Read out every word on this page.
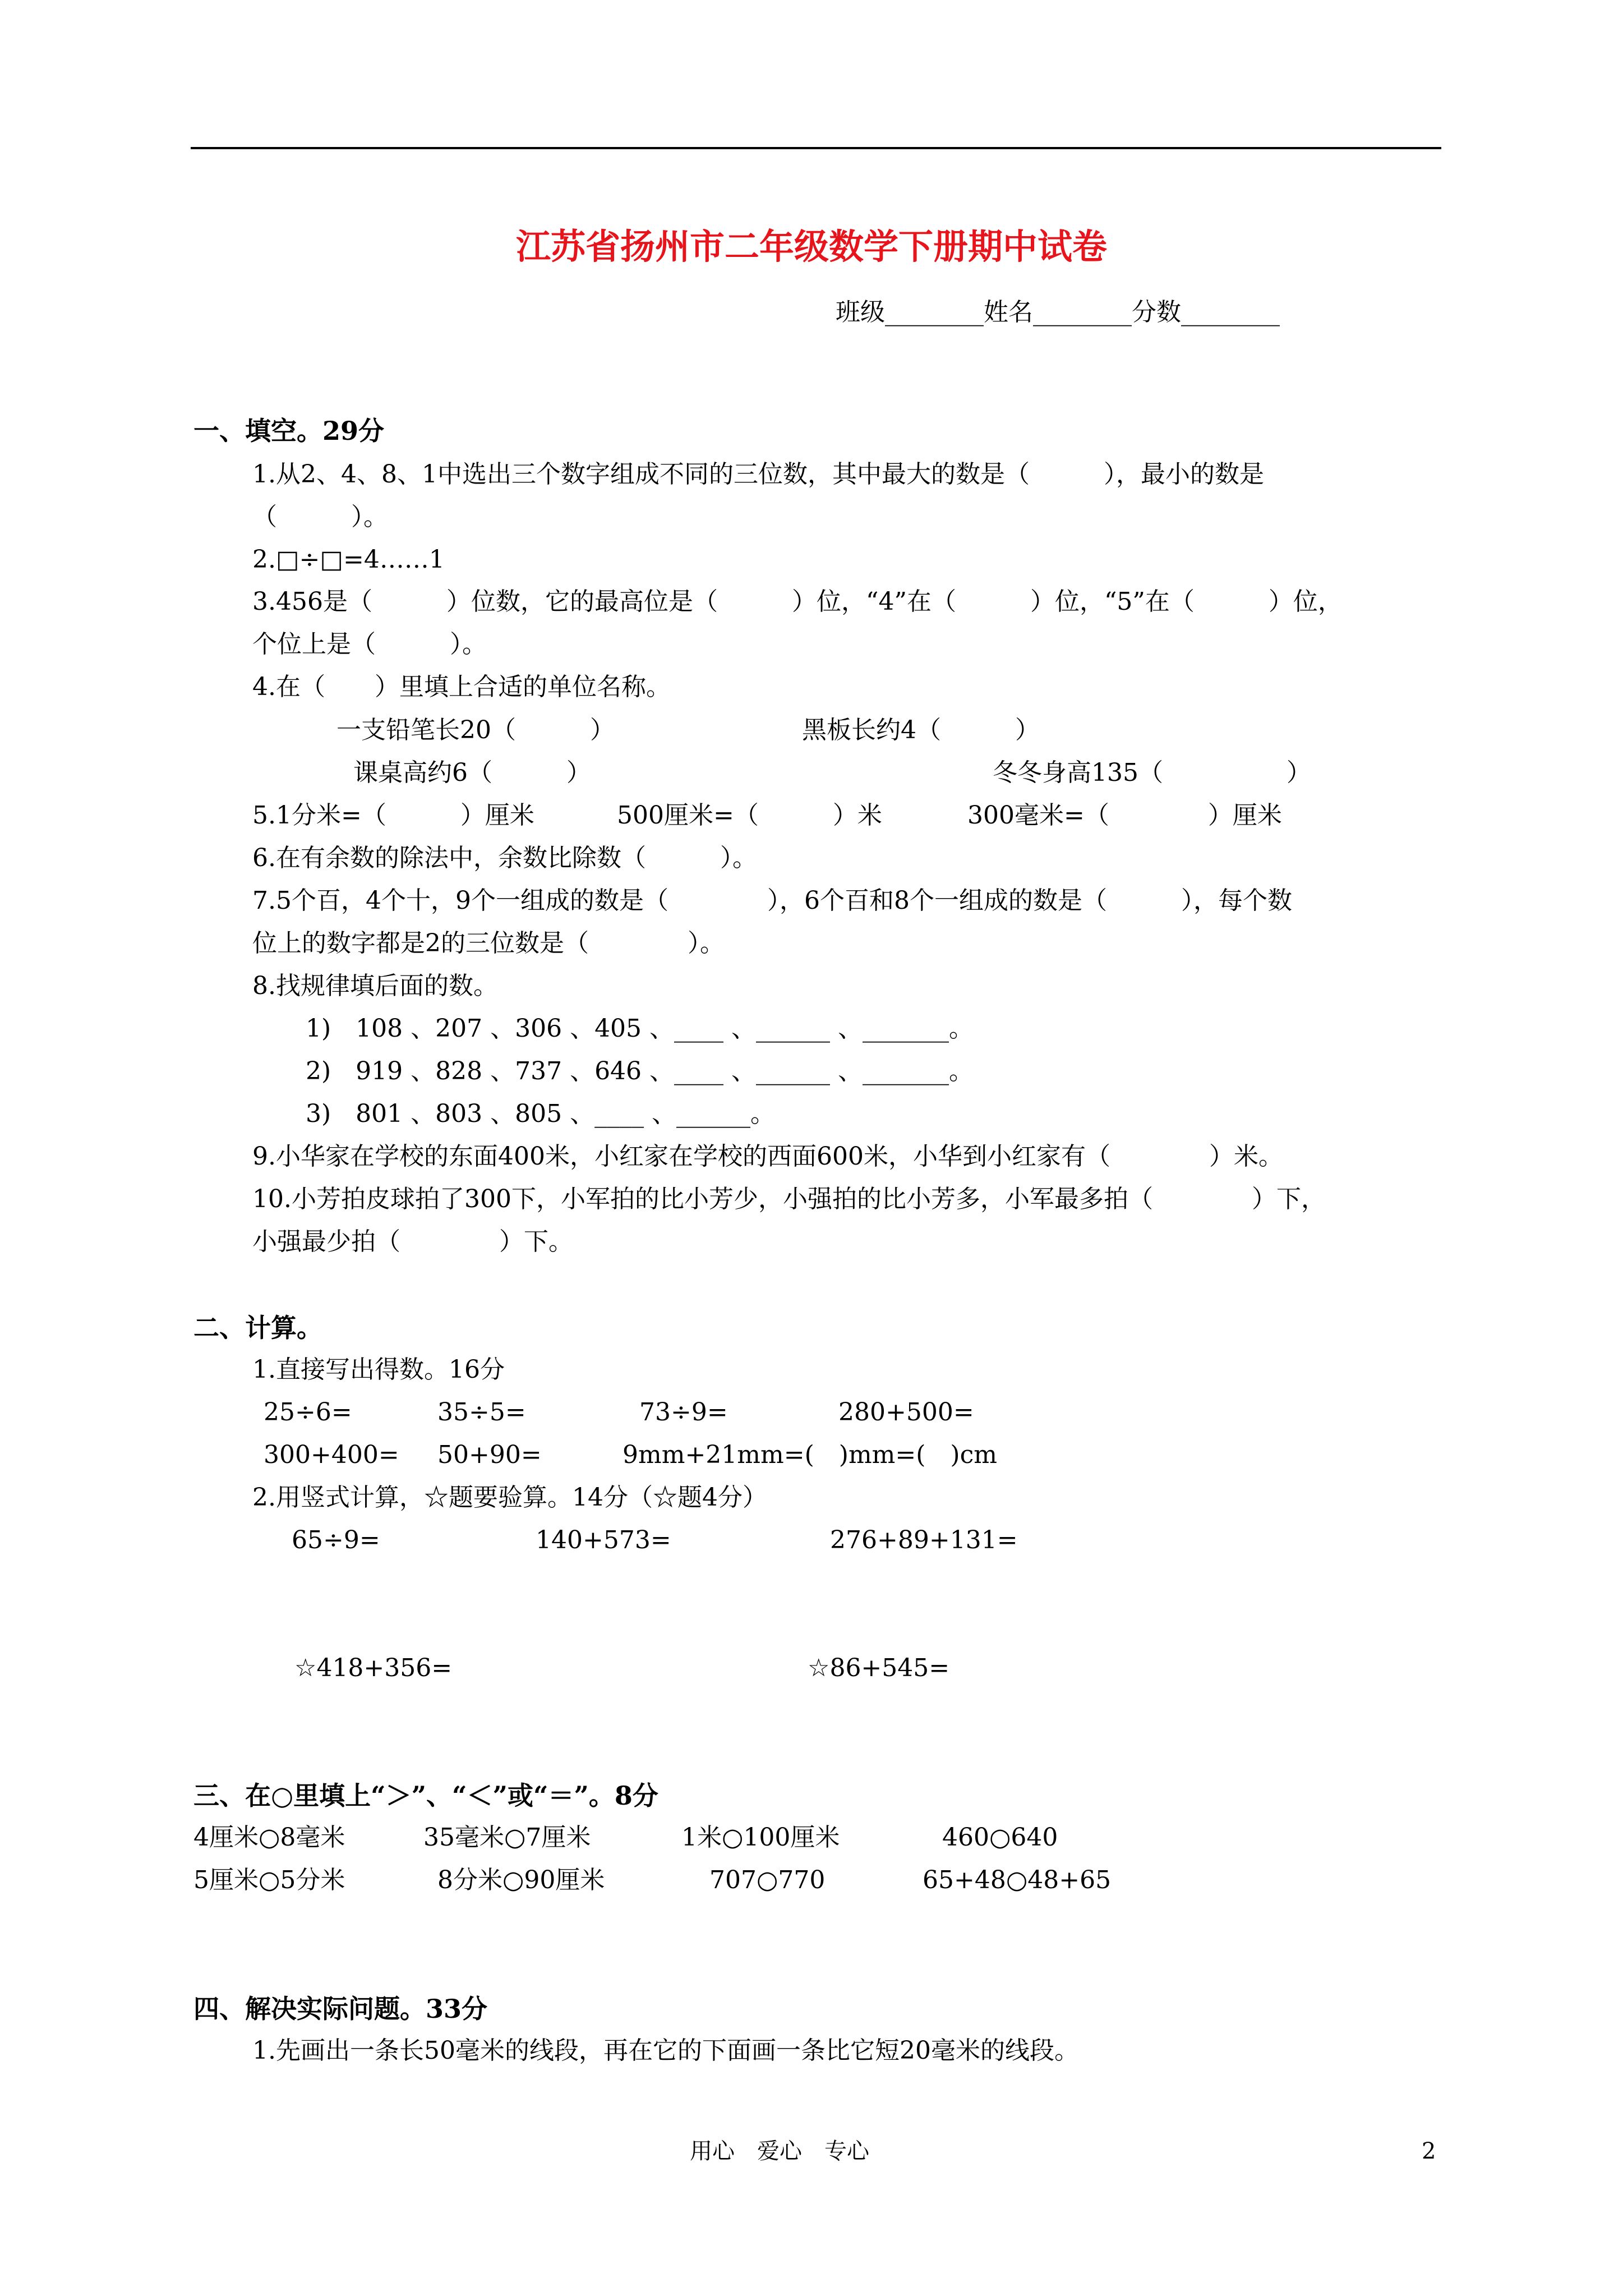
江苏省扬州市二年级数学下册期中试卷
班级________姓名________分数________
一、填空。29分
1.从2、4、8、1中选出三个数字组成不同的三位数，其中最大的数是（　　　），最小的数是
（　　　）。
2.□÷□=4……1
3.456是（　　　）位数，它的最高位是（　　　）位，“4”在（　　　）位，“5”在（　　　）位，
个位上是（　　　）。
4.在（　　）里填上合适的单位名称。
一支铅笔长20（　　　）	黑板长约4（　　　）
课桌高约6（　　　）	冬冬身高135（　　　　　）
5.1分米=（　　　）厘米	500厘米=（　　　）米	300毫米=（　　　　）厘米
6.在有余数的除法中，余数比除数（　　　）。
7.5个百，4个十，9个一组成的数是（　　　　），6个百和8个一组成的数是（　　　），每个数
位上的数字都是2的三位数是（　　　　）。
8.找规律填后面的数。
1)　108 、207 、306 、405 、____ 、______ 、_______。
2)　919 、828 、737 、646 、____ 、______ 、_______。
3)　801 、803 、805 、____ 、______。
9.小华家在学校的东面400米，小红家在学校的西面600米，小华到小红家有（　　　　）米。
10.小芳拍皮球拍了300下，小军拍的比小芳少，小强拍的比小芳多，小军最多拍（　　　　）下，
小强最少拍（　　　　）下。
二、计算。
1.直接写出得数。16分
25÷6=	35÷5=	73÷9=	280+500=
300+400= 50+90=	9mm+21mm=(　)mm=(　)cm
2.用竖式计算，☆题要验算。14分（☆题4分）
65÷9=	140+573=	276+89+131=
☆418+356=	☆86+545=
三、在○里填上“＞”、“＜”或“＝”。8分
4厘米○8毫米	35毫米○7厘米	1米○100厘米	460○640
5厘米○5分米	8分米○90厘米	707○770	65+48○48+65
四、解决实际问题。33分
1.先画出一条长50毫米的线段，再在它的下面画一条比它短20毫米的线段。
用心　爱心　专心	2
